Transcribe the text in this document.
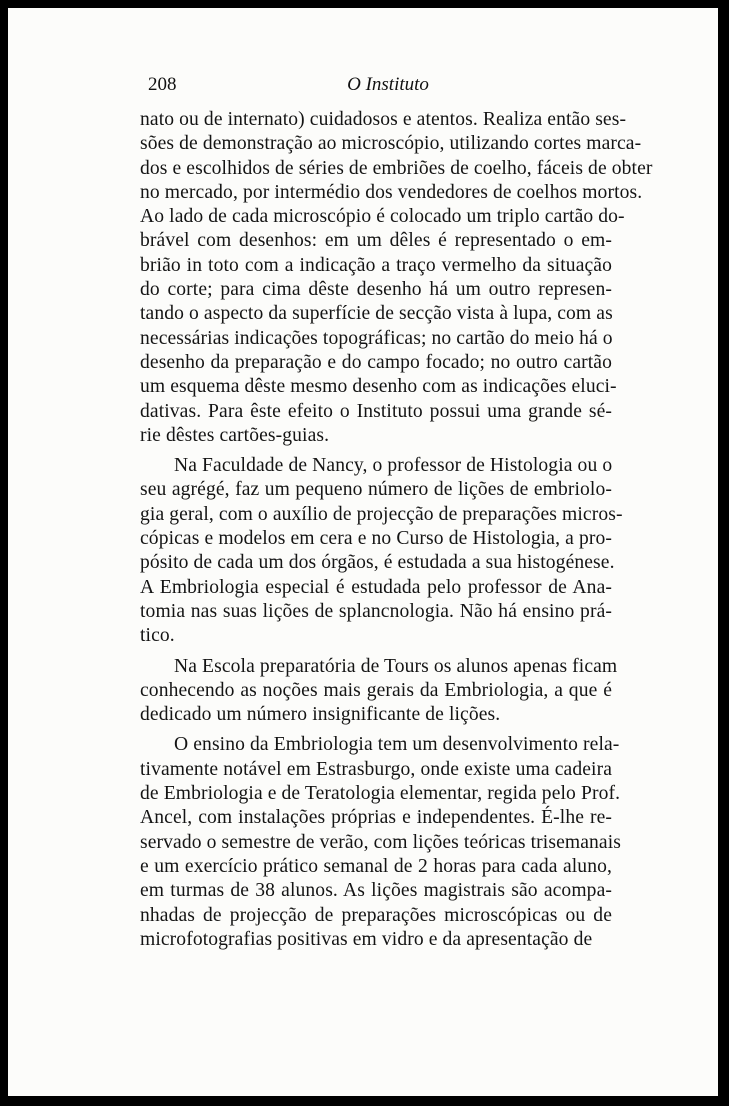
208	O Instituto
nato ou de internato) cuidadosos e atentos. Realiza então ses-
sões de demonstração ao microscópio, utilizando cortes marca-
dos e escolhidos de séries de embriões de coelho, fáceis de obter
no mercado, por intermédio dos vendedores de coelhos mortos.
Ao lado de cada microscópio é colocado um triplo cartão do-
brável com desenhos: em um dêles é representado o em-
brião in toto com a indicação a traço vermelho da situação
do corte; para cima dêste desenho há um outro represen-
tando o aspecto da superfície de secção vista à lupa, com as
necessárias indicações topográficas; no cartão do meio há o
desenho da preparação e do campo focado; no outro cartão
um esquema dêste mesmo desenho com as indicações eluci-
dativas. Para êste efeito o Instituto possui uma grande sé-
rie dêstes cartões-guias.
Na Faculdade de Nancy, o professor de Histologia ou o
seu agrégé, faz um pequeno número de lições de embriolo-
gia geral, com o auxílio de projecção de preparações micros-
cópicas e modelos em cera e no Curso de Histologia, a pro-
pósito de cada um dos órgãos, é estudada a sua histogénese.
A Embriologia especial é estudada pelo professor de Ana-
tomia nas suas lições de splancnologia. Não há ensino prá-
tico.
Na Escola preparatória de Tours os alunos apenas ficam
conhecendo as noções mais gerais da Embriologia, a que é
dedicado um número insignificante de lições.
O ensino da Embriologia tem um desenvolvimento rela-
tivamente notável em Estrasburgo, onde existe uma cadeira
de Embriologia e de Teratologia elementar, regida pelo Prof.
Ancel, com instalações próprias e independentes. É-lhe re-
servado o semestre de verão, com lições teóricas trisemanais
e um exercício prático semanal de 2 horas para cada aluno,
em turmas de 38 alunos. As lições magistrais são acompa-
nhadas de projecção de preparações microscópicas ou de
microfotografias positivas em vidro e da apresentação de
